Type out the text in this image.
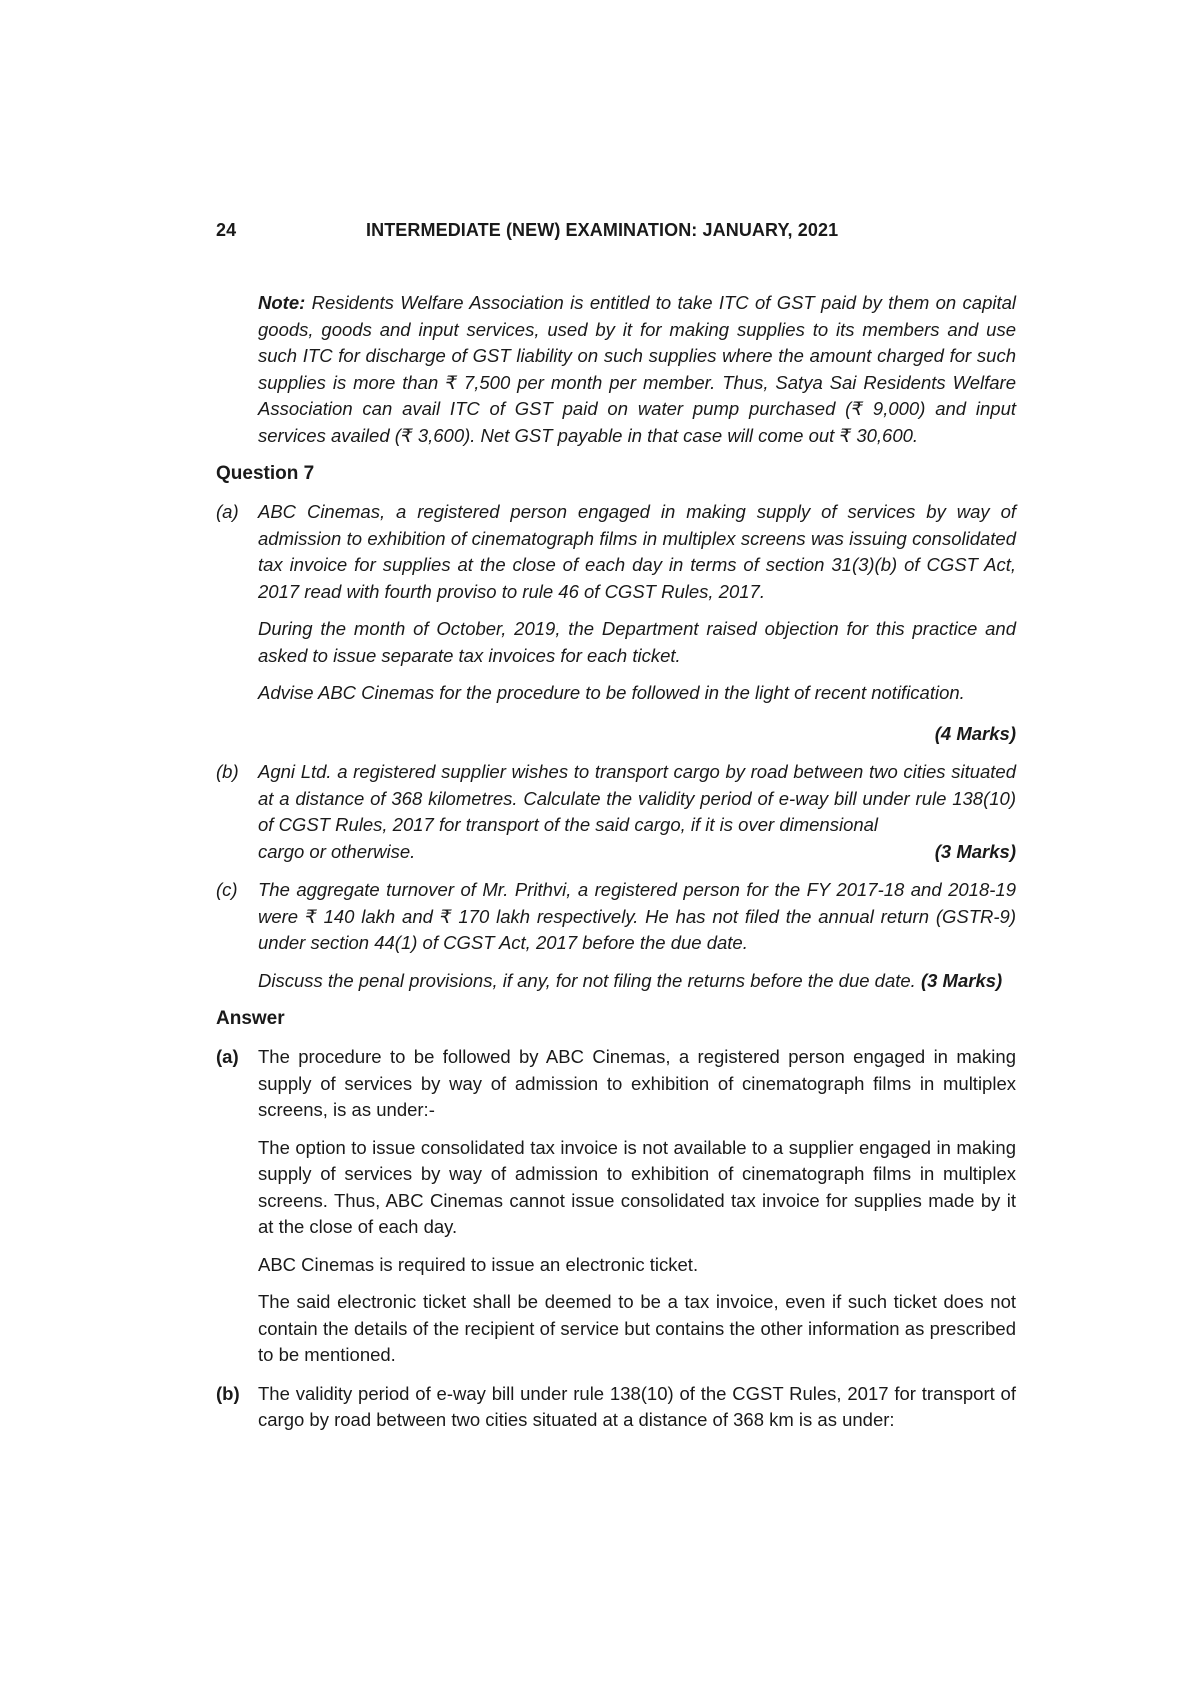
24	INTERMEDIATE (NEW) EXAMINATION: JANUARY, 2021

Note: Residents Welfare Association is entitled to take ITC of GST paid by them on capital goods, goods and input services, used by it for making supplies to its members and use such ITC for discharge of GST liability on such supplies where the amount charged for such supplies is more than ₹ 7,500 per month per member. Thus, Satya Sai Residents Welfare Association can avail ITC of GST paid on water pump purchased (₹ 9,000) and input services availed (₹ 3,600). Net GST payable in that case will come out ₹ 30,600.

Question 7
(a)	ABC Cinemas, a registered person engaged in making supply of services by way of admission to exhibition of cinematograph films in multiplex screens was issuing consolidated tax invoice for supplies at the close of each day in terms of section 31(3)(b) of CGST Act, 2017 read with fourth proviso to rule 46 of CGST Rules, 2017.

During the month of October, 2019, the Department raised objection for this practice and asked to issue separate tax invoices for each ticket.

Advise ABC Cinemas for the procedure to be followed in the light of recent notification.

(4 Marks)

(b)	Agni Ltd. a registered supplier wishes to transport cargo by road between two cities situated at a distance of 368 kilometres. Calculate the validity period of e-way bill under rule 138(10) of CGST Rules, 2017 for transport of the said cargo, if it is over dimensional

cargo or otherwise.	(3 Marks)
(c)	The aggregate turnover of Mr. Prithvi, a registered person for the FY 2017-18 and 2018-19 were ₹ 140 lakh and ₹ 170 lakh respectively. He has not filed the annual return (GSTR-9) under section 44(1) of CGST Act, 2017 before the due date.

Discuss the penal provisions, if any, for not filing the returns before the due date. (3 Marks)

Answer
(a)	The procedure to be followed by ABC Cinemas, a registered person engaged in making supply of services by way of admission to exhibition of cinematograph films in multiplex screens, is as under:-

The option to issue consolidated tax invoice is not available to a supplier engaged in making supply of services by way of admission to exhibition of cinematograph films in multiplex screens. Thus, ABC Cinemas cannot issue consolidated tax invoice for supplies made by it at the close of each day.

ABC Cinemas is required to issue an electronic ticket.

The said electronic ticket shall be deemed to be a tax invoice, even if such ticket does not contain the details of the recipient of service but contains the other information as prescribed to be mentioned.

(b) The validity period of e-way bill under rule 138(10) of the CGST Rules, 2017 for transport of cargo by road between two cities situated at a distance of 368 km is as under:
